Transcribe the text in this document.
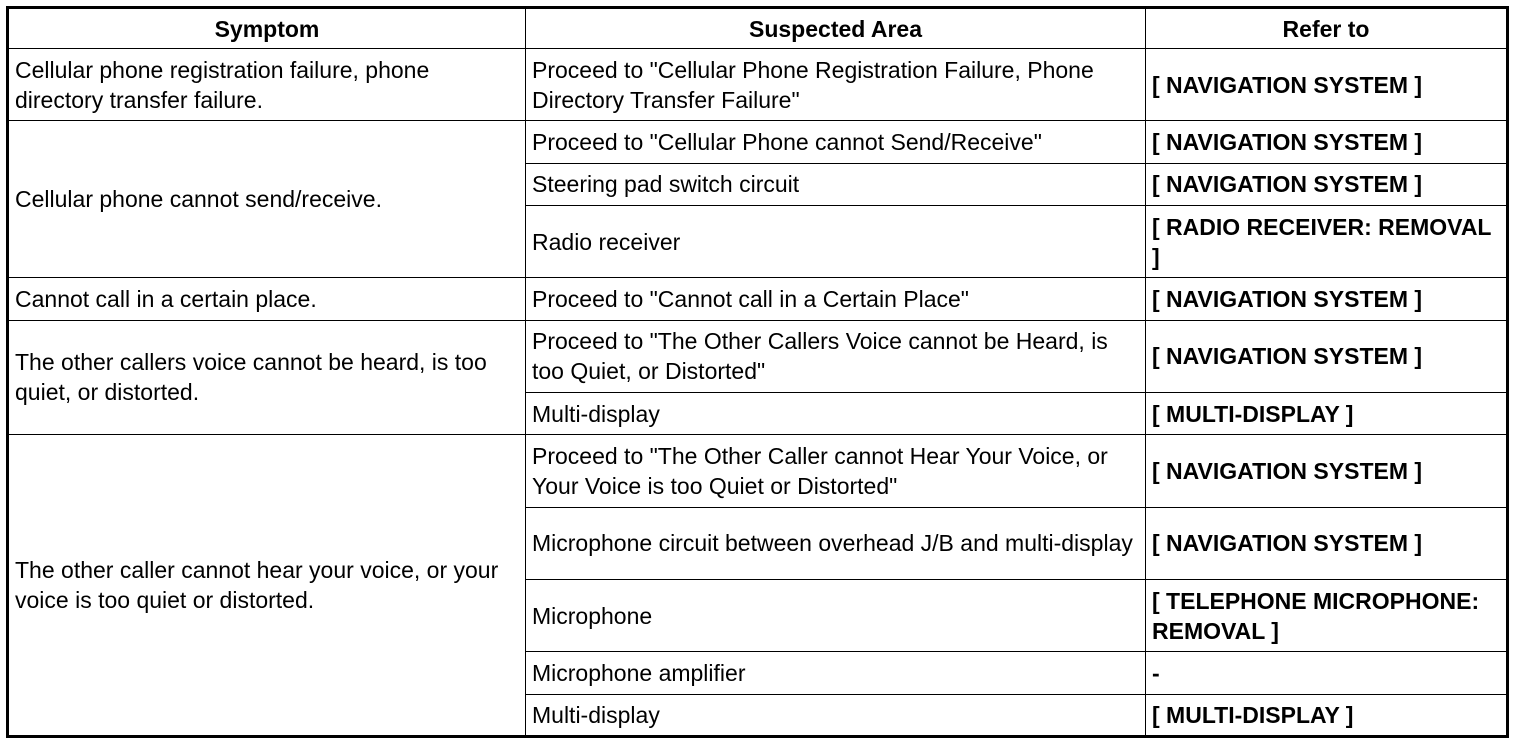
Symptom	Suspected Area	Refer to
Cellular phone registration failure, phone directory transfer failure.	Proceed to "Cellular Phone Registration Failure, Phone Directory Transfer Failure"	[ NAVIGATION SYSTEM ]
Cellular phone cannot send/receive.	Proceed to "Cellular Phone cannot Send/Receive"	[ NAVIGATION SYSTEM ]
	Steering pad switch circuit	[ NAVIGATION SYSTEM ]
	Radio receiver	[ RADIO RECEIVER: REMOVAL ]
Cannot call in a certain place.	Proceed to "Cannot call in a Certain Place"	[ NAVIGATION SYSTEM ]
The other callers voice cannot be heard, is too quiet, or distorted.	Proceed to "The Other Callers Voice cannot be Heard, is too Quiet, or Distorted"	[ NAVIGATION SYSTEM ]
	Multi-display	[ MULTI-DISPLAY ]
The other caller cannot hear your voice, or your voice is too quiet or distorted.	Proceed to "The Other Caller cannot Hear Your Voice, or Your Voice is too Quiet or Distorted"	[ NAVIGATION SYSTEM ]
	Microphone circuit between overhead J/B and multi-display	[ NAVIGATION SYSTEM ]
	Microphone	[ TELEPHONE MICROPHONE: REMOVAL ]
	Microphone amplifier	-
	Multi-display	[ MULTI-DISPLAY ]
